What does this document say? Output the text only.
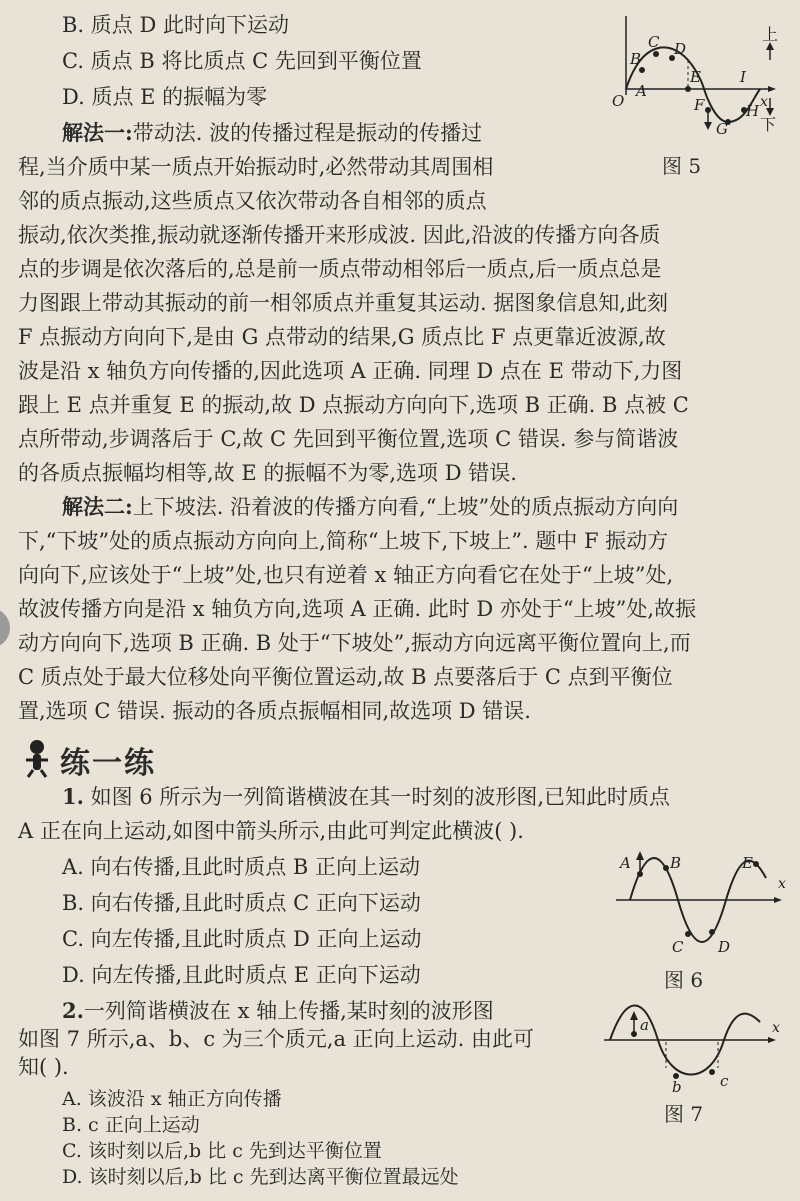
B. 质点 D 此时向下运动
C. 质点 B 将比质点 C 先回到平衡位置
D. 质点 E 的振幅为零	O
A
B
C D
E
F
G
H
I
x
上
下
图 5
解法一:带动法. 波的传播过程是振动的传播过
程,当介质中某一质点开始振动时,必然带动其周围相
邻的质点振动,这些质点又依次带动各自相邻的质点
振动,依次类推,振动就逐渐传播开来形成波. 因此,沿波的传播方向各质
点的步调是依次落后的,总是前一质点带动相邻后一质点,后一质点总是
力图跟上带动其振动的前一相邻质点并重复其运动. 据图象信息知,此刻
F 点振动方向向下,是由 G 点带动的结果,G 质点比 F 点更靠近波源,故
波是沿 x 轴负方向传播的,因此选项 A 正确. 同理 D 点在 E 带动下,力图
跟上 E 点并重复 E 的振动,故 D 点振动方向向下,选项 B 正确. B 点被 C
点所带动,步调落后于 C,故 C 先回到平衡位置,选项 C 错误. 参与简谐波
的各质点振幅均相等,故 E 的振幅不为零,选项 D 错误.
解法二:上下坡法. 沿着波的传播方向看,“上坡”处的质点振动方向向
下,“下坡”处的质点振动方向向上,简称“上坡下,下坡上”. 题中 F 振动方
向向下,应该处于“上坡”处,也只有逆着 x 轴正方向看它在处于“上坡”处,
故波传播方向是沿 x 轴负方向,选项 A 正确. 此时 D 亦处于“上坡”处,故振
动方向向下,选项 B 正确. B 处于“下坡处”,振动方向远离平衡位置向上,而
C 质点处于最大位移处向平衡位置运动,故 B 点要落后于 C 点到平衡位
置,选项 C 错误. 振动的各质点振幅相同,故选项 D 错误.
练一练
1. 如图 6 所示为一列简谐横波在其一时刻的波形图,已知此时质点
A 正在向上运动,如图中箭头所示,由此可判定此横波( ).
A. 向右传播,且此时质点 B 正向上运动
B. 向右传播,且此时质点 C 正向下运动
C. 向左传播,且此时质点 D 正向上运动
D. 向左传播,且此时质点 E 正向下运动
A	B
C D
E
x
图 6
2.一列简谐横波在 x 轴上传播,某时刻的波形图
如图 7 所示,a、b、c 为三个质元,a 正向上运动. 由此可
知( ).
A. 该波沿 x 轴正方向传播
B. c 正向上运动
C. 该时刻以后,b 比 c 先到达平衡位置
a
b	c
x
图 7
D. 该时刻以后,b 比 c 先到达离平衡位置最远处
